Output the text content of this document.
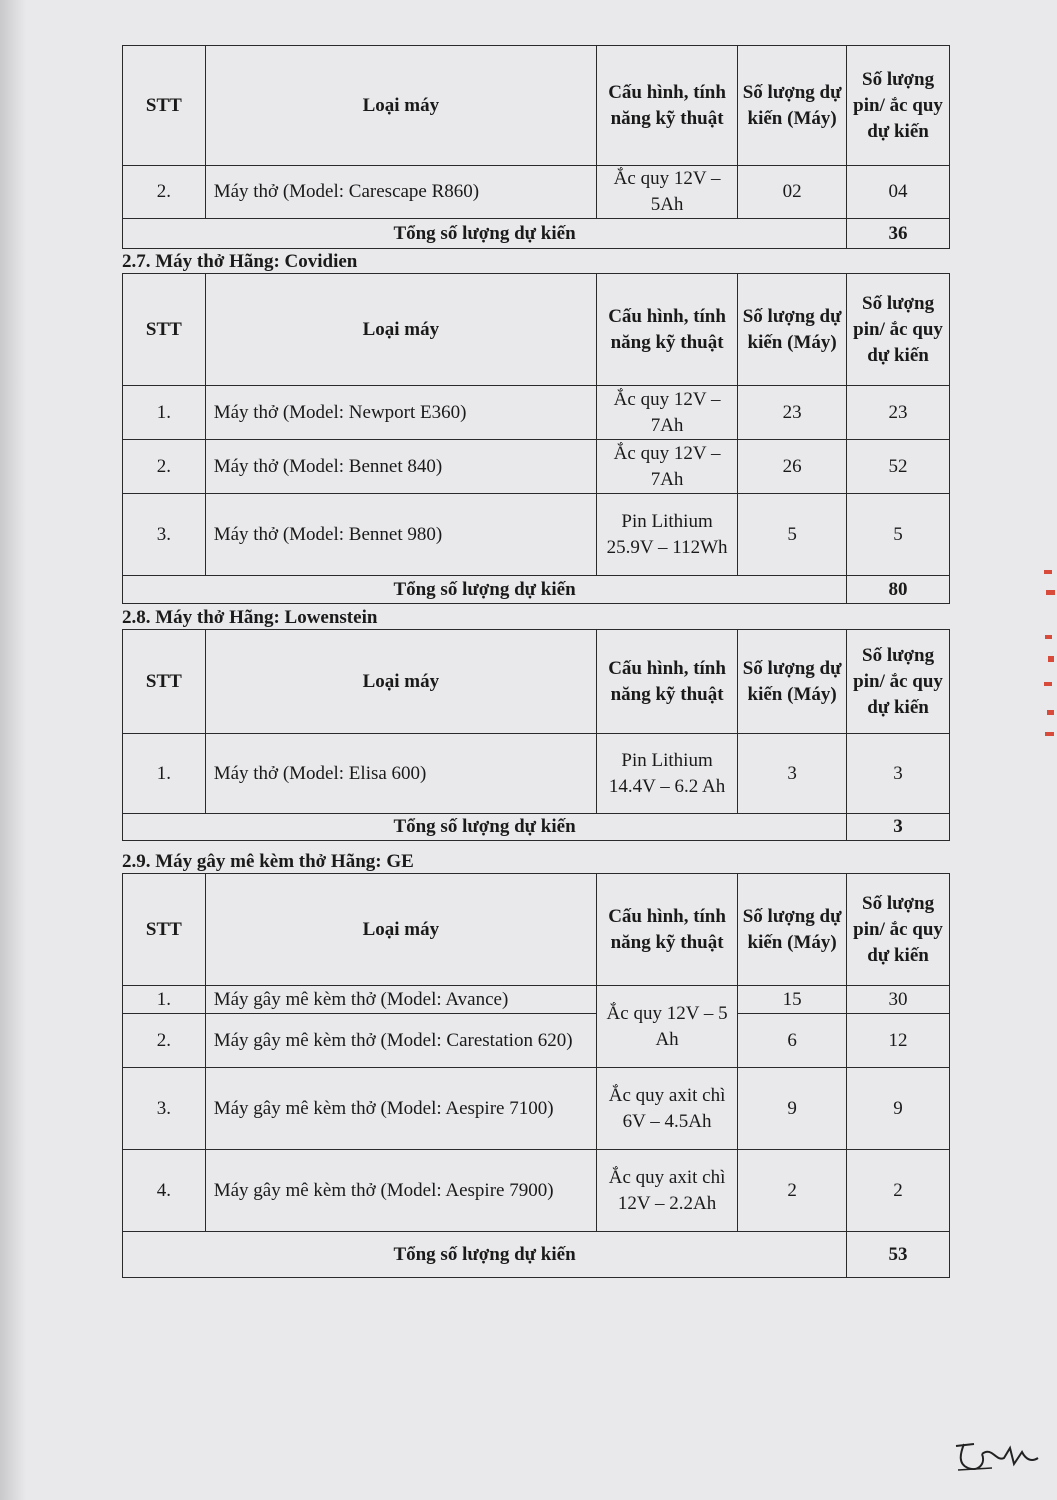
STT	Loại máy	Cấu hình, tính năng kỹ thuật	Số lượng dự kiến (Máy)	Số lượng pin/ ắc quy dự kiến
2.	Máy thở (Model: Carescape R860)	Ắc quy 12V – 5Ah	02	04
Tổng số lượng dự kiến				36
2.7. Máy thở Hãng: Covidien
STT	Loại máy	Cấu hình, tính năng kỹ thuật	Số lượng dự kiến (Máy)	Số lượng pin/ ắc quy dự kiến
1.	Máy thở (Model: Newport E360)	Ắc quy 12V – 7Ah	23	23
2.	Máy thở (Model: Bennet 840)	Ắc quy 12V – 7Ah	26	52
3.	Máy thở (Model: Bennet 980)	Pin Lithium 25.9V – 112Wh	5	5
Tổng số lượng dự kiến				80
2.8. Máy thở Hãng: Lowenstein
STT	Loại máy	Cấu hình, tính năng kỹ thuật	Số lượng dự kiến (Máy)	Số lượng pin/ ắc quy dự kiến
1.	Máy thở (Model: Elisa 600)	Pin Lithium 14.4V – 6.2 Ah	3	3
Tổng số lượng dự kiến				3
2.9. Máy gây mê kèm thở Hãng: GE
STT	Loại máy	Cấu hình, tính năng kỹ thuật	Số lượng dự kiến (Máy)	Số lượng pin/ ắc quy dự kiến
1.	Máy gây mê kèm thở (Model: Avance)	Ắc quy 12V – 5 Ah	15	30
2.	Máy gây mê kèm thở (Model: Carestation 620)		6	12
3.	Máy gây mê kèm thở (Model: Aespire 7100)	Ắc quy axit chì 6V – 4.5Ah	9	9
4.	Máy gây mê kèm thở (Model: Aespire 7900)	Ắc quy axit chì 12V – 2.2Ah	2	2
Tổng số lượng dự kiến				53
